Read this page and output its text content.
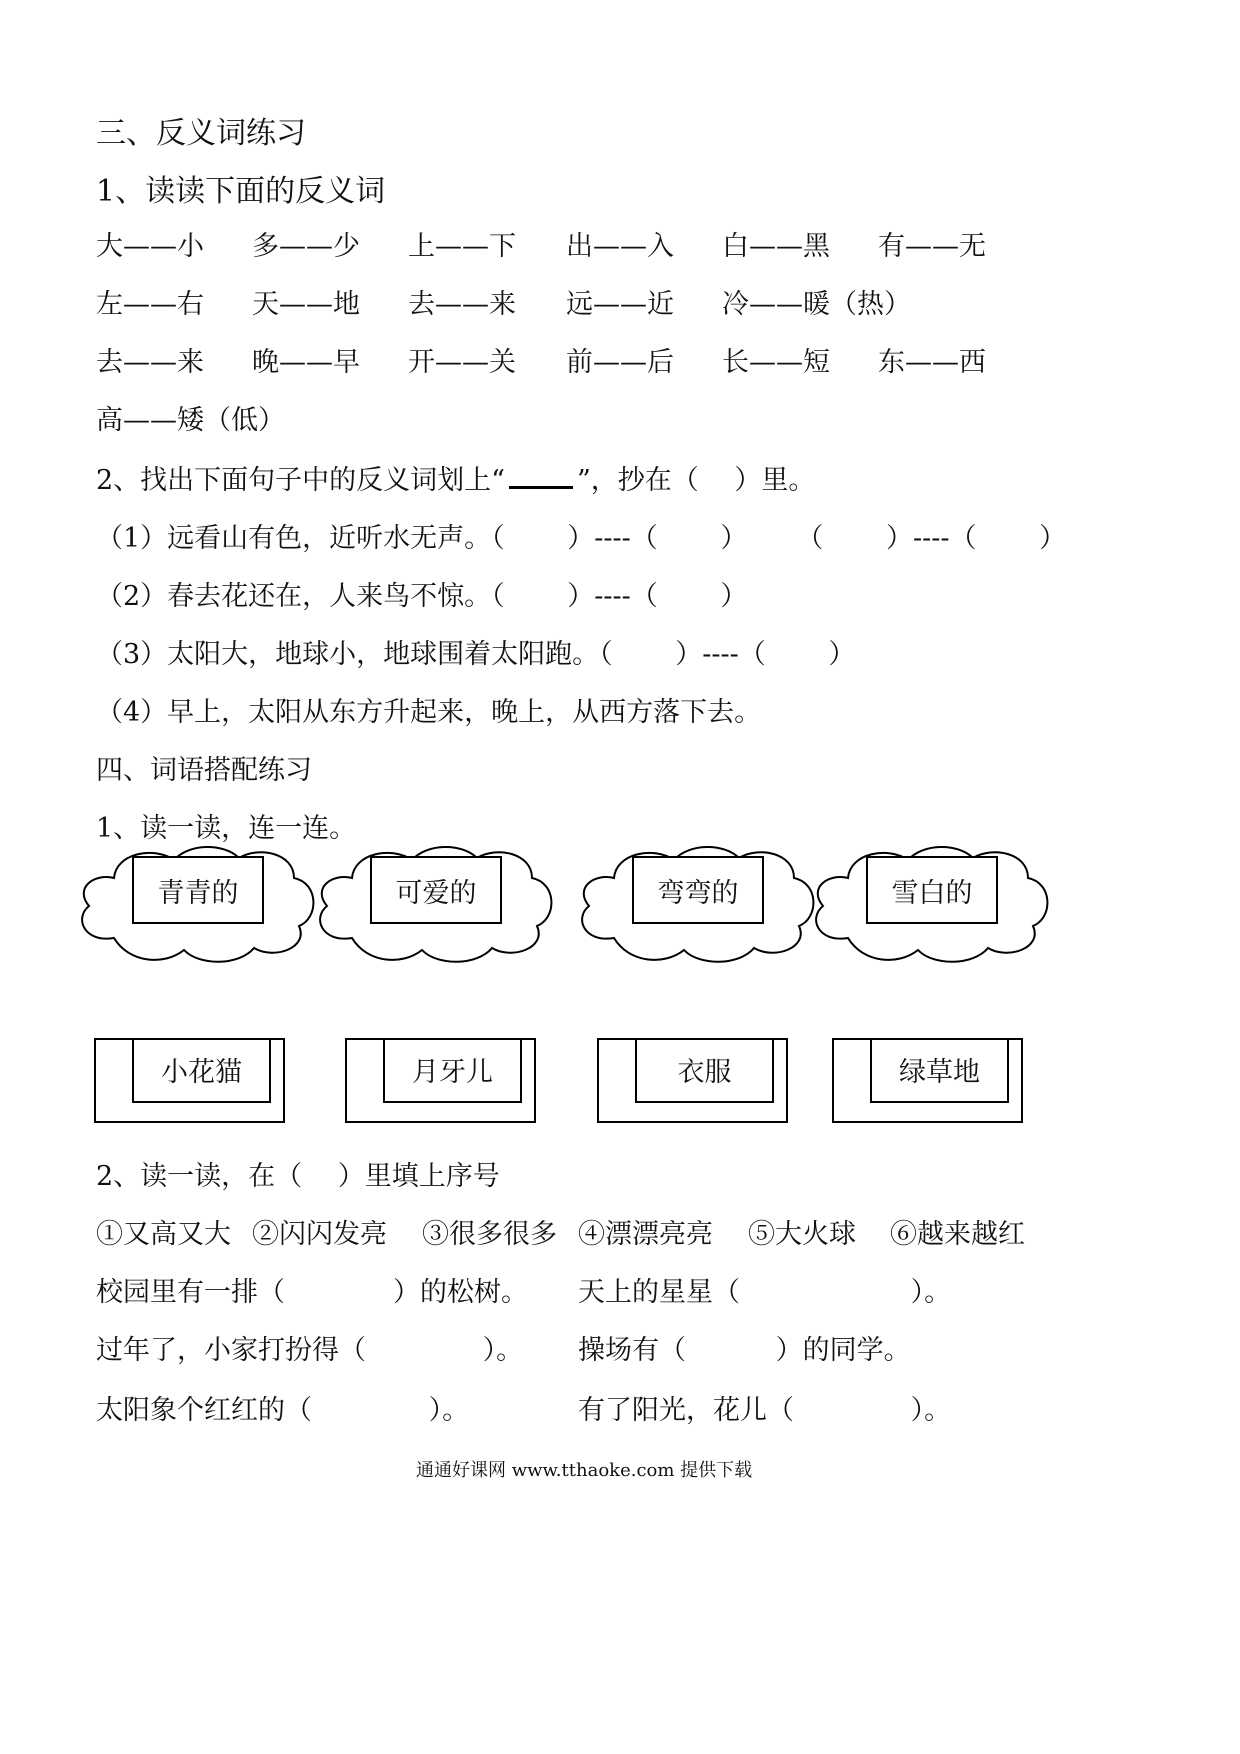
三、反义词练习
1、读读下面的反义词
大——小 多——少 上——下 出——入 白——黑 有——无
左——右 天——地 去——来 远——近 冷——暖（热）
去——来 晚——早 开——关 前——后 长——短 东——西
高——矮（低）
2、找出下面句子中的反义词划上“	”，抄在（　 ）里。
（1）远看山有色，近听水无声。（　　 ）----（　　 ）　　 （　　 ）----（　　 ）
（2）春去花还在，人来鸟不惊。（　　 ）----（　　 ）
（3）太阳大，地球小，地球围着太阳跑。（　　 ）----（　　 ）
（4）早上，太阳从东方升起来，晚上，从西方落下去。
四、词语搭配练习
1、读一读，连一连。
青青的	可爱的	弯弯的	雪白的
小花猫	月牙儿	衣服	绿草地
2、读一读，在（　 ）里填上序号
①又高又大 ②闪闪发亮 ③很多很多 ④漂漂亮亮 ⑤大火球 ⑥越来越红
校园里有一排（　　　　）的松树。 天上的星星（　　　　　　 ）。
过年了，小家打扮得（　　　　 ）。 操场有（　　　 ）的同学。
太阳象个红红的（　　　　 ）。	有了阳光，花儿（　　　　 ）。
通通好课网 www.tthaoke.com 提供下载
